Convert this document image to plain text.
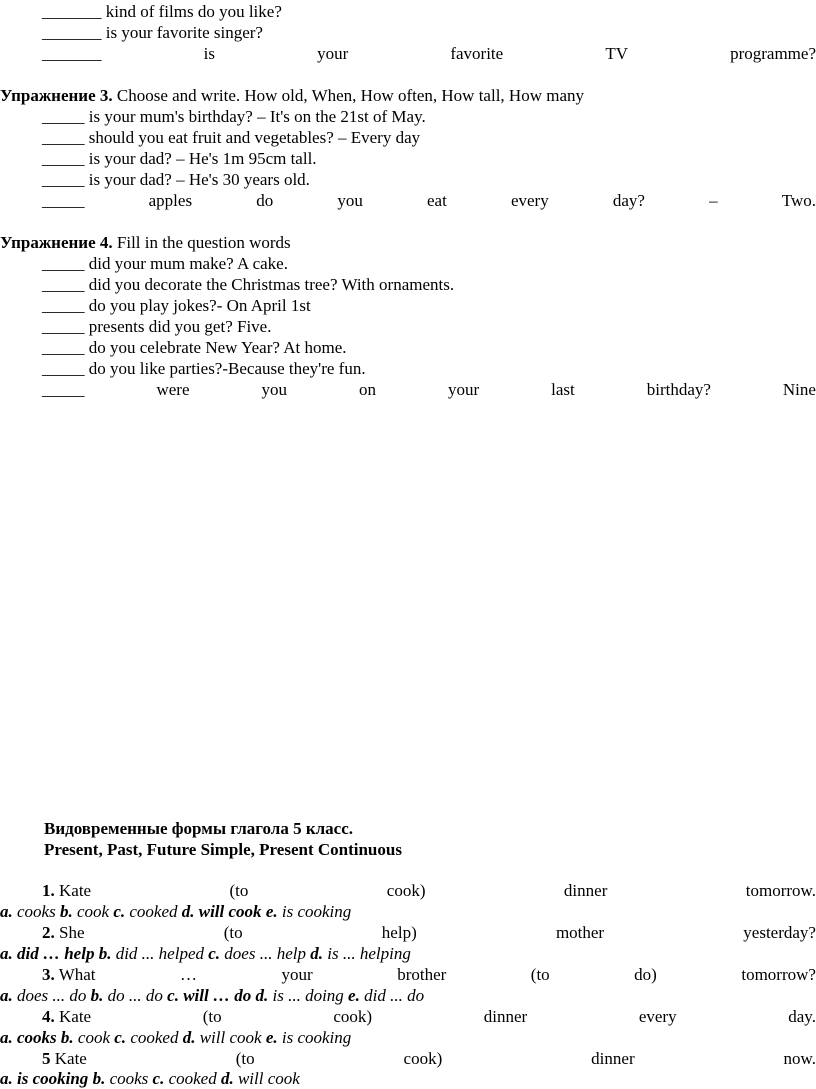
_______ kind of films do you like?
_______ is your favorite singer?
_______	is	your	favorite	TV	programme?
Упражнение 3. Choose and write. How old, When, How often, How tall, How many
_____ is your mum's birthday? – It's on the 21st of May.
_____ should you eat fruit and vegetables? – Every day
_____ is your dad? – He's 1m 95cm tall.
_____ is your dad? – He's 30 years old.
_____	apples	do	you	eat	every	day?	–	Two.
Упражнение 4. Fill in the question words
_____ did your mum make? A cake.
_____ did you decorate the Christmas tree? With ornaments.
_____ do you play jokes?- On April 1st
_____ presents did you get? Five.
_____ do you celebrate New Year? At home.
_____ do you like parties?-Because they're fun.
_____	were	you	on	your	last	birthday?	Nine
Видовременные формы глагола 5 класс.
Present, Past, Future Simple, Present Continuous
1. Kate	(to	cook)	dinner	tomorrow.
a. cooks b. cook c. cooked d. will cook e. is cooking
2. She	(to	help)	mother	yesterday?
a. did … help b. did ... helped c. does ... help d. is ... helping
3. What	…	your	brother	(to	do)	tomorrow?
a. does ... do b. do ... do c. will … do d. is ... doing e. did ... do
4. Kate	(to	cook)	dinner	every	day.
a. cooks b. cook c. cooked d. will cook e. is cooking
5 Kate	(to	cook)	dinner	now.
a. is cooking b. cooks c. cooked d. will cook
